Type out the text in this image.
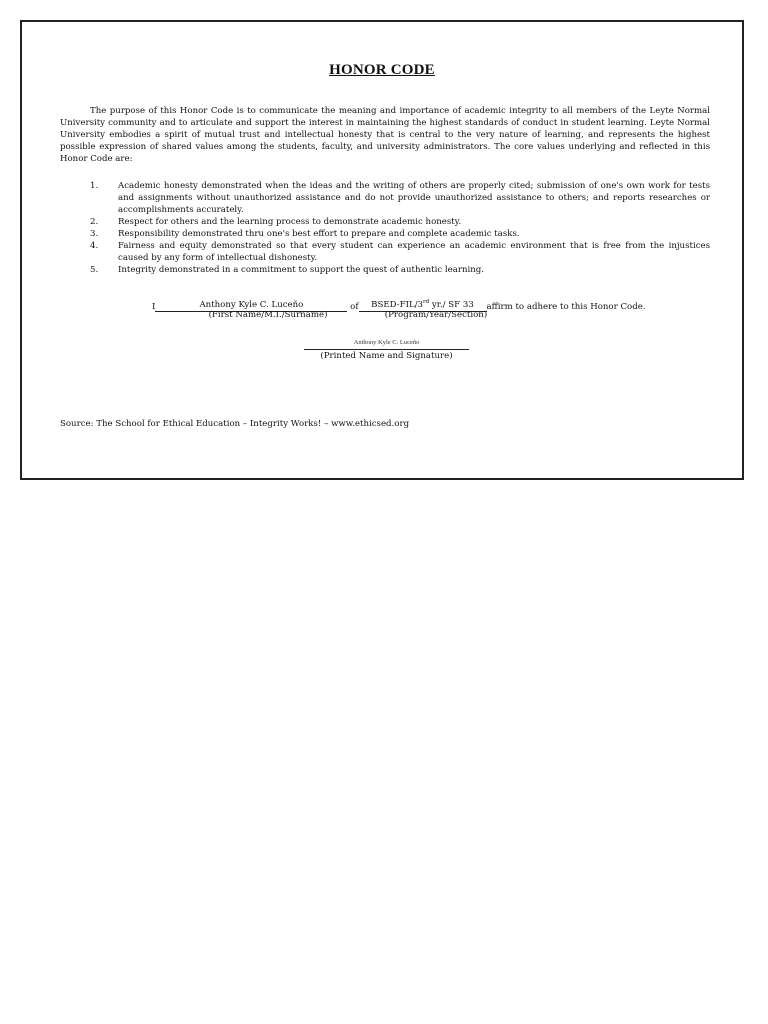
HONOR CODE

The purpose of this Honor Code is to communicate the meaning and importance of academic integrity to all members of the Leyte Normal University community and to articulate and support the interest in maintaining the highest standards of conduct in student learning. Leyte Normal University embodies a spirit of mutual trust and intellectual honesty that is central to the very nature of learning, and represents the highest possible expression of shared values among the students, faculty, and university administrators. The core values underlying and reflected in this Honor Code are:

1. Academic honesty demonstrated when the ideas and the writing of others are properly cited; submission of one's own work for tests and assignments without unauthorized assistance and do not provide unauthorized assistance to others; and reports researches or accomplishments accurately.
2. Respect for others and the learning process to demonstrate academic honesty.
3. Responsibility demonstrated thru one's best effort to prepare and complete academic tasks.
4. Fairness and equity demonstrated so that every student can experience an academic environment that is free from the injustices caused by any form of intellectual dishonesty.
5. Integrity demonstrated in a commitment to support the quest of authentic learning.
I	Anthony Kyle C. Luceño	of BSED-FIL/3rd yr./ SF 33 affirm to adhere to this Honor Code.
(First Name/M.I./Surname)	(Program/Year/Section)
Anthony Kyle C. Luceño
(Printed Name and Signature)
Source: The School for Ethical Education – Integrity Works! – www.ethicsed.org
